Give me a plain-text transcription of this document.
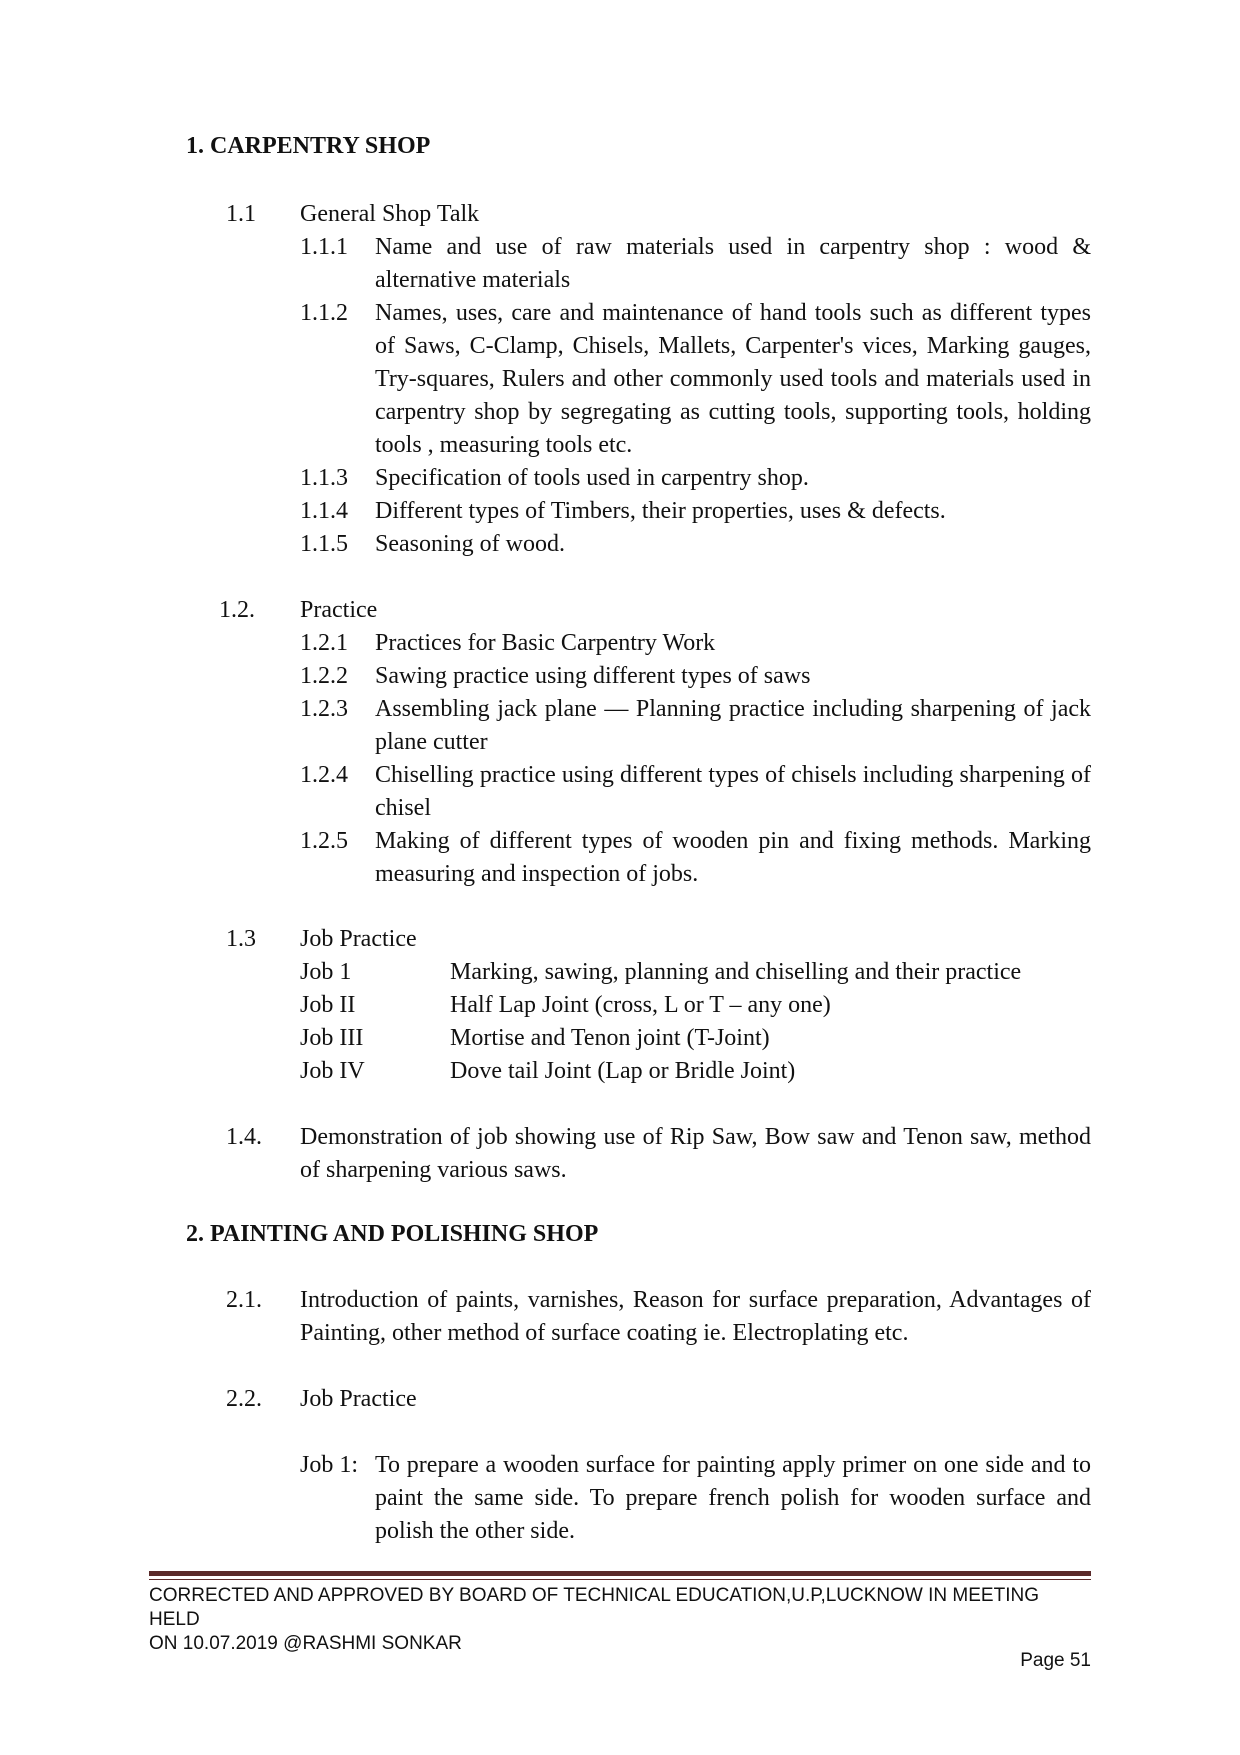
1. CARPENTRY SHOP
1.1 General Shop Talk
1.1.1 Name and use of raw materials used in carpentry shop : wood & alternative materials
1.1.2 Names, uses, care and maintenance of hand tools such as different types of Saws, C-Clamp, Chisels, Mallets, Carpenter's vices, Marking gauges, Try-squares, Rulers and other commonly used tools and materials used in carpentry shop by segregating as cutting tools, supporting tools, holding tools , measuring tools etc.
1.1.3 Specification of tools used in carpentry shop.
1.1.4 Different types of Timbers, their properties, uses & defects.
1.1.5 Seasoning of wood.
1.2. Practice
1.2.1 Practices for Basic Carpentry Work
1.2.2 Sawing practice using different types of saws
1.2.3 Assembling jack plane — Planning practice including sharpening of jack plane cutter
1.2.4 Chiselling practice using different types of chisels including sharpening of chisel
1.2.5 Making of different types of wooden pin and fixing methods. Marking measuring and inspection of jobs.
1.3 Job Practice
Job 1	Marking, sawing, planning and chiselling and their practice
Job II	Half Lap Joint (cross, L or T – any one)
Job III	Mortise and Tenon joint (T-Joint)
Job IV	Dove tail Joint (Lap or Bridle Joint)
1.4. Demonstration of job showing use of Rip Saw, Bow saw and Tenon saw, method of sharpening various saws.
2. PAINTING AND POLISHING SHOP
2.1. Introduction of paints, varnishes, Reason for surface preparation, Advantages of Painting, other method of surface coating ie. Electroplating etc.
2.2. Job Practice
Job 1: To prepare a wooden surface for painting apply primer on one side and to paint the same side. To prepare french polish for wooden surface and polish the other side.
CORRECTED AND APPROVED BY BOARD OF TECHNICAL EDUCATION,U.P,LUCKNOW IN MEETING HELD
ON 10.07.2019 @RASHMI SONKAR
Page 51
